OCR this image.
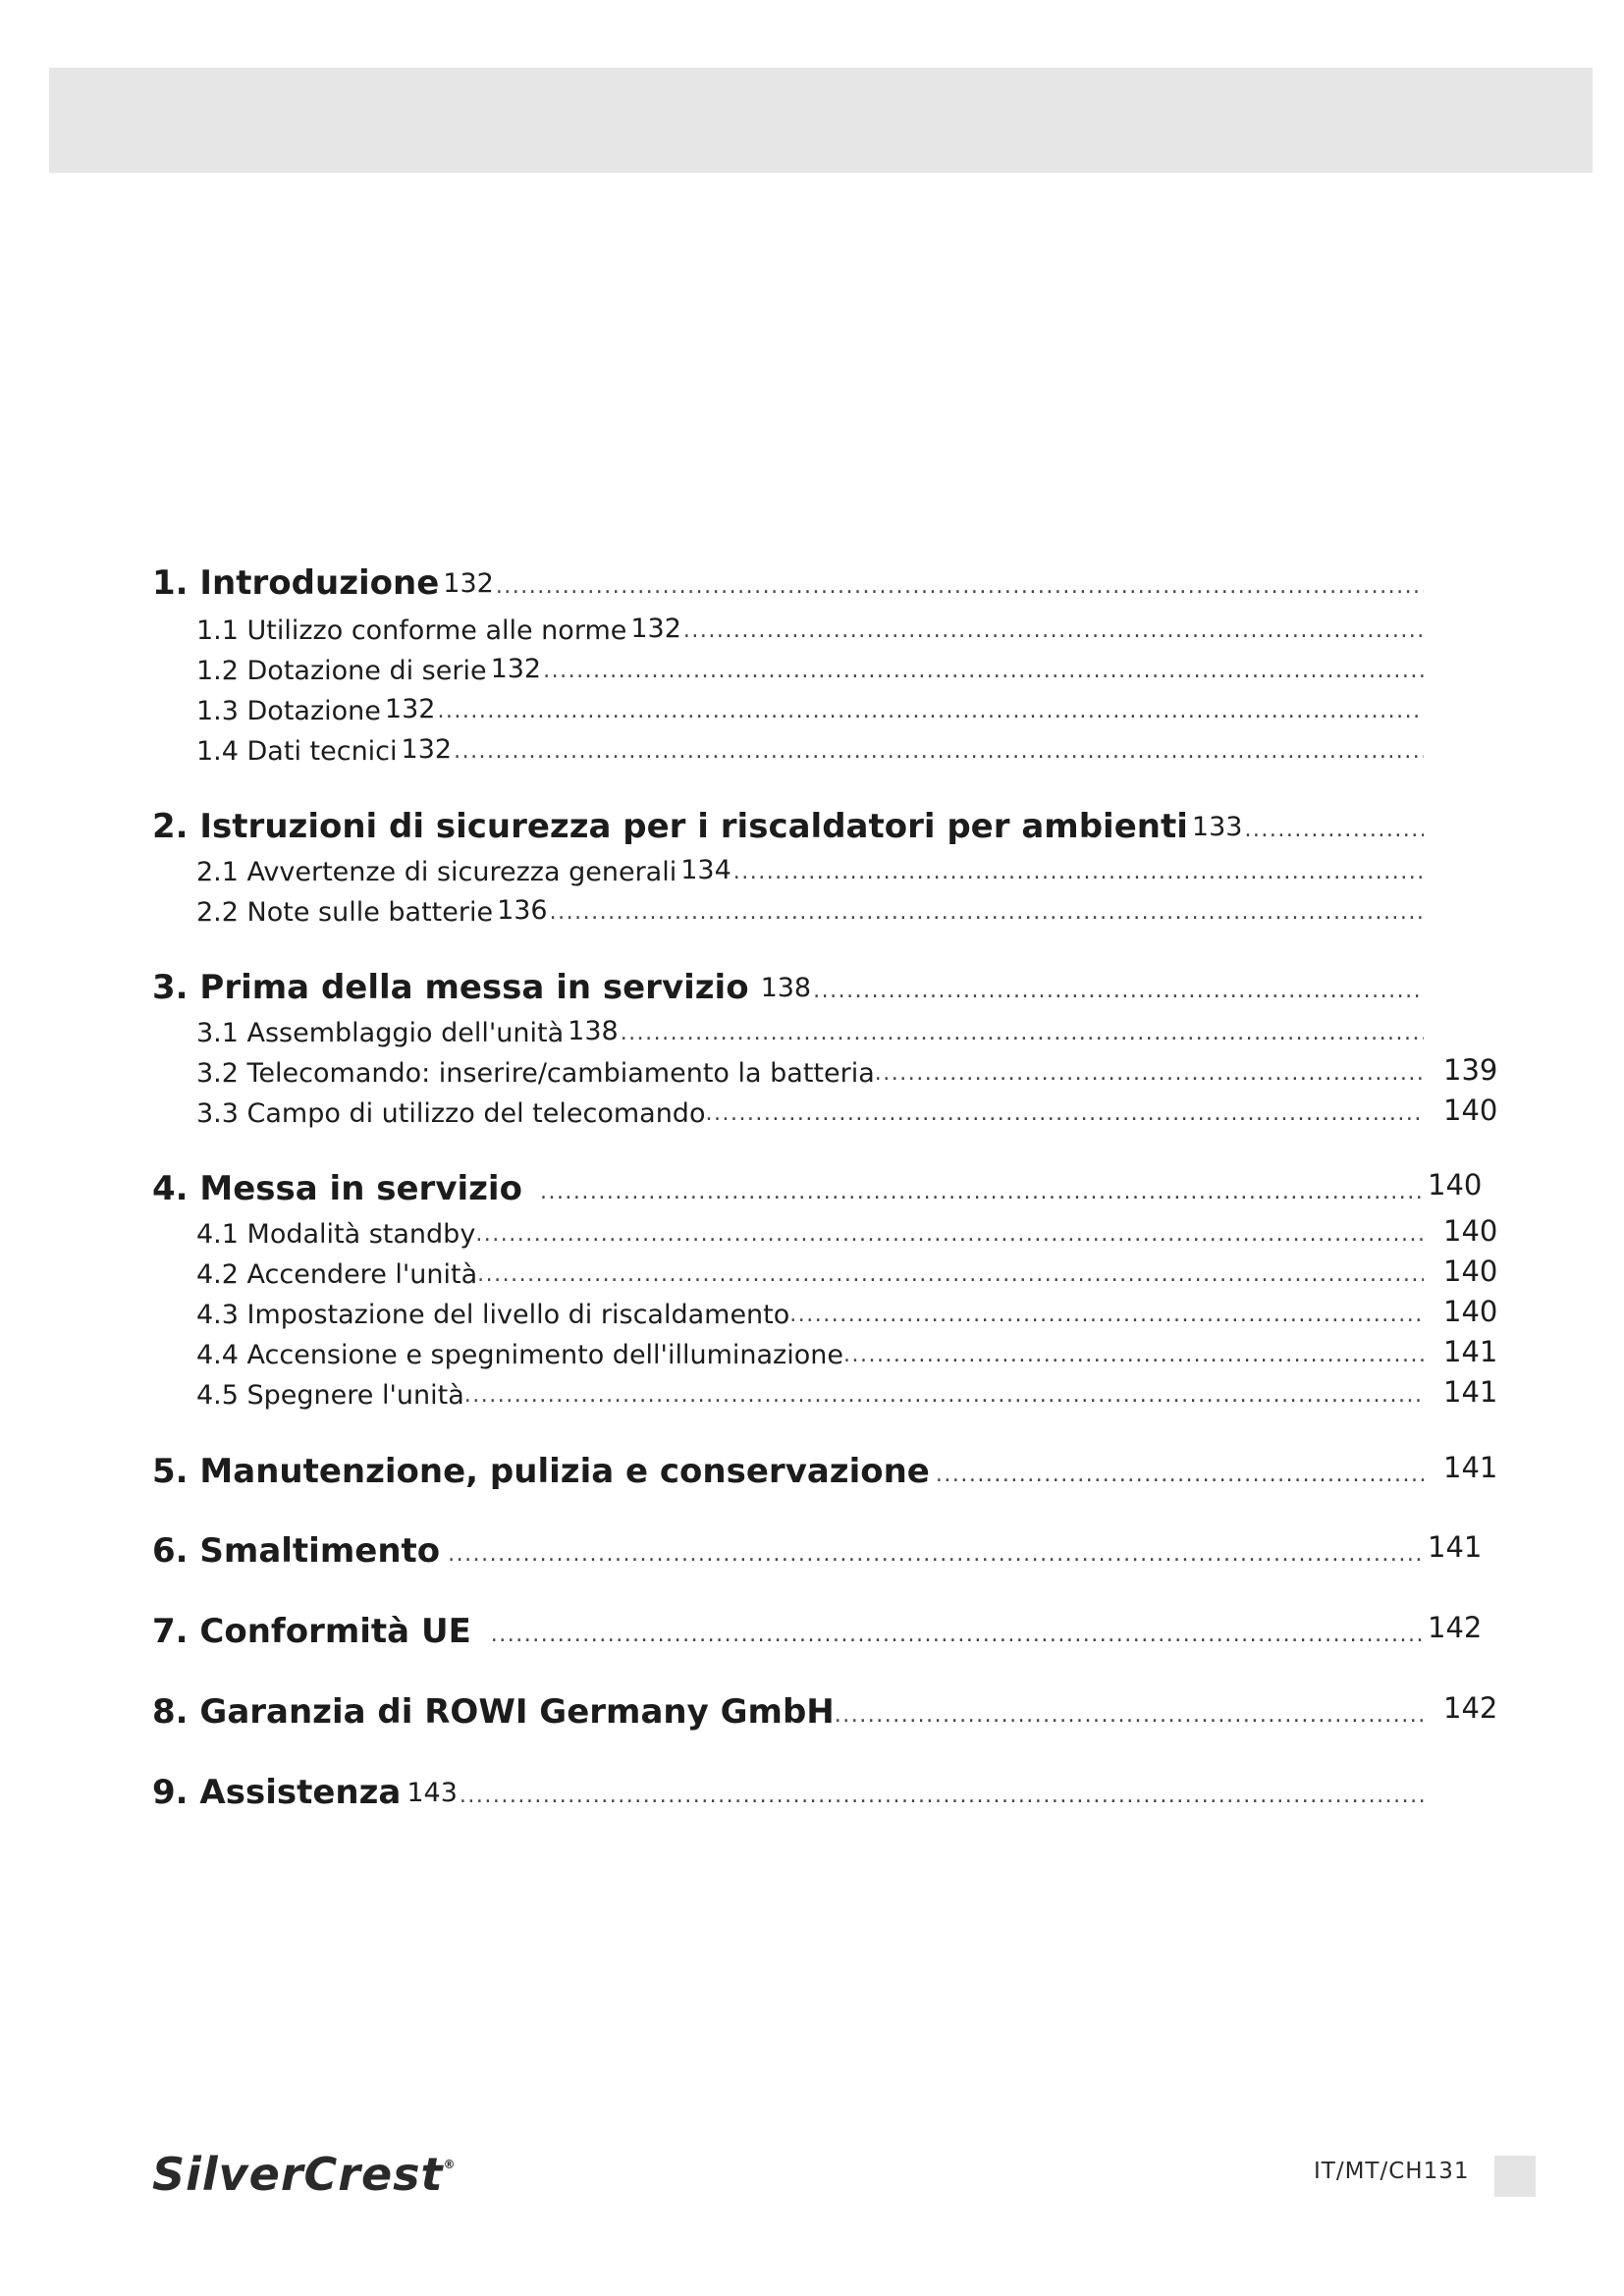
1. Introduzione 132
.....
1.1 Utilizzo conforme alle norme 132
.....
1.2 Dotazione di serie 132
.....
1.3 Dotazione 132
.....
1.4 Dati tecnici 132
.....
2. Istruzioni di sicurezza per i riscaldatori per ambienti 133
.....
2.1 Avvertenze di sicurezza generali 134
.....
2.2 Note sulle batterie 136
.....
3. Prima della messa in servizio 138
.....
3.1 Assemblaggio dell'unità 138
.....
3.2 Telecomando: inserire/cambiamento la batteria .....	139
3.3 Campo di utilizzo del telecomando .....	140
4. Messa in servizio .....	140
4.1 Modalità standby .....	140
4.2 Accendere l'unità .....	140
4.3 Impostazione del livello di riscaldamento .....	140
4.4 Accensione e spegnimento dell'illuminazione .....	141
4.5 Spegnere l'unità .....	141
5. Manutenzione, pulizia e conservazione .....	141
6. Smaltimento .....	141
7. Conformità UE .....	142
8. Garanzia di ROWI Germany GmbH .....	142
9. Assistenza 143
.....
SilverCrest®	IT/MT/CH131
